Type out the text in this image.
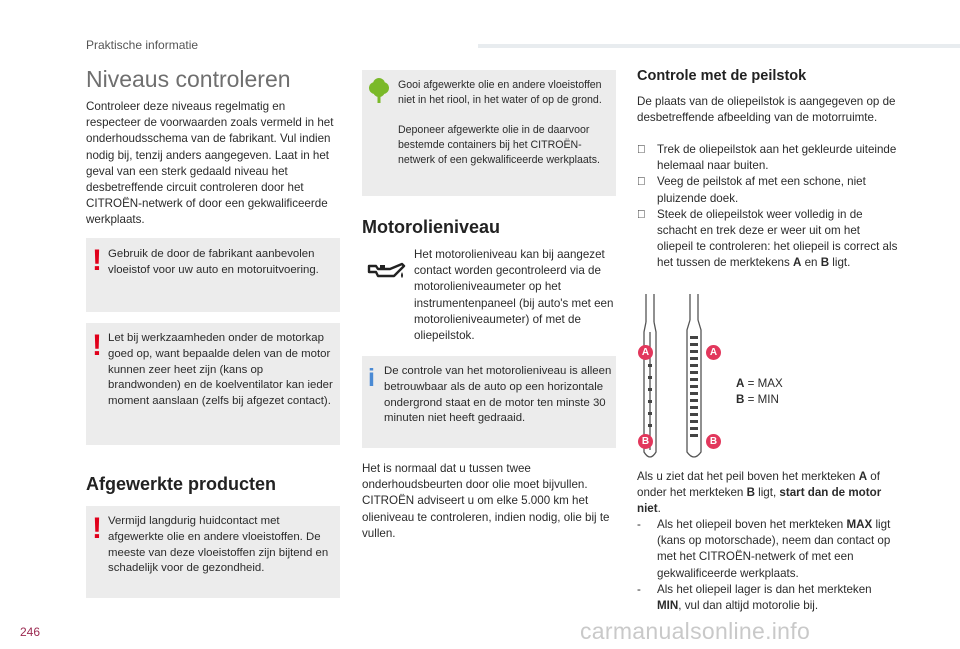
Praktische informatie
Niveaus controleren

Controleer deze niveaus regelmatig en respecteer de voorwaarden zoals vermeld in het onderhoudsschema van de fabrikant. Vul indien nodig bij, tenzij anders aangegeven. Laat in het geval van een sterk gedaald niveau het desbetreffende circuit controleren door het CITROËN-netwerk of door een gekwalificeerde werkplaats.

! Gebruik de door de fabrikant aanbevolen vloeistof voor uw auto en motoruitvoering.

! Let bij werkzaamheden onder de motorkap goed op, want bepaalde delen van de motor kunnen zeer heet zijn (kans op brandwonden) en de koelventilator kan ieder moment aanslaan (zelfs bij afgezet contact).

Afgewerkte producten
! Vermijd langdurig huidcontact met afgewerkte olie en andere vloeistoffen. De meeste van deze vloeistoffen zijn bijtend en schadelijk voor de gezondheid.

Gooi afgewerkte olie en andere vloeistoffen niet in het riool, in het water of op de grond.

Deponeer afgewerkte olie in de daarvoor bestemde containers bij het CITROËN-netwerk of een gekwalificeerde werkplaats.

Motorolieniveau

Het motorolieniveau kan bij aangezet contact worden gecontroleerd via de motorolieniveaumeter op het instrumentenpaneel (bij auto's met een motorolieniveaumeter) of met de oliepeilstok.

i De controle van het motorolieniveau is alleen betrouwbaar als de auto op een horizontale ondergrond staat en de motor ten minste 30 minuten niet heeft gedraaid.

Het is normaal dat u tussen twee onderhoudsbeurten door olie moet bijvullen. CITROËN adviseert u om elke 5.000 km het olieniveau te controleren, indien nodig, olie bij te vullen.

Controle met de peilstok

De plaats van de oliepeilstok is aangegeven op de desbetreffende afbeelding van de motorruimte.

Trek de oliepeilstok aan het gekleurde uiteinde helemaal naar buiten.
Veeg de peilstok af met een schone, niet pluizende doek.
Steek de oliepeilstok weer volledig in de schacht en trek deze er weer uit om het oliepeil te controleren: het oliepeil is correct als het tussen de merktekens A en B ligt.
A	A
B	B
A = MAX
B = MIN

Als u ziet dat het peil boven het merkteken A of onder het merkteken B ligt, start dan de motor niet.

- Als het oliepeil boven het merkteken MAX ligt (kans op motorschade), neem dan contact op met het CITROËN-netwerk of met een gekwalificeerde werkplaats.
- Als het oliepeil lager is dan het merkteken MIN, vul dan altijd motorolie bij.
246	carmanualsonline.info
